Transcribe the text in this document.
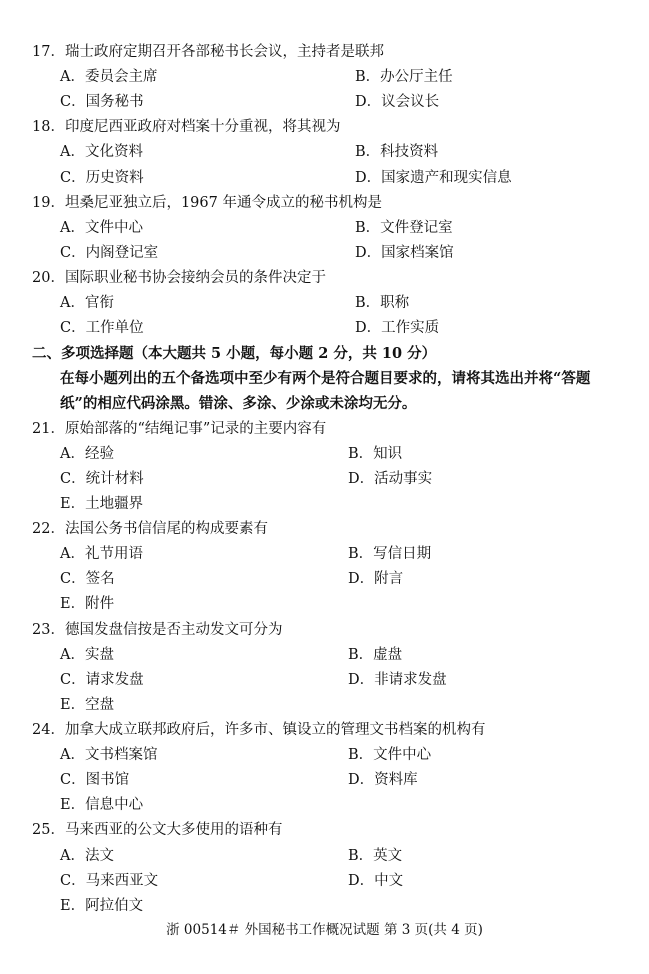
17．瑞士政府定期召开各部秘书长会议，主持者是联邦
A．委员会主席	B．办公厅主任
C．国务秘书	D．议会议长
18．印度尼西亚政府对档案十分重视，将其视为
A．文化资料	B．科技资料
C．历史资料	D．国家遗产和现实信息
19．坦桑尼亚独立后，1967 年通令成立的秘书机构是
A．文件中心	B．文件登记室
C．内阁登记室	D．国家档案馆
20．国际职业秘书协会接纳会员的条件决定于
A．官衔	B．职称
C．工作单位	D．工作实质
二、多项选择题（本大题共 5 小题，每小题 2 分，共 10 分）
在每小题列出的五个备选项中至少有两个是符合题目要求的，请将其选出并将“答题
纸”的相应代码涂黑。错涂、多涂、少涂或未涂均无分。
21．原始部落的“结绳记事”记录的主要内容有
A．经验	B．知识
C．统计材料	D．活动事实
E．土地疆界
22．法国公务书信信尾的构成要素有
A．礼节用语	B．写信日期
C．签名	D．附言
E．附件
23．德国发盘信按是否主动发文可分为
A．实盘	B．虚盘
C．请求发盘	D．非请求发盘
E．空盘
24．加拿大成立联邦政府后，许多市、镇设立的管理文书档案的机构有
A．文书档案馆	B．文件中心
C．图书馆	D．资料库
E．信息中心
25．马来西亚的公文大多使用的语种有
A．法文	B．英文
C．马来西亚文	D．中文
E．阿拉伯文
浙 00514＃ 外国秘书工作概况试题 第 3 页(共 4 页)
